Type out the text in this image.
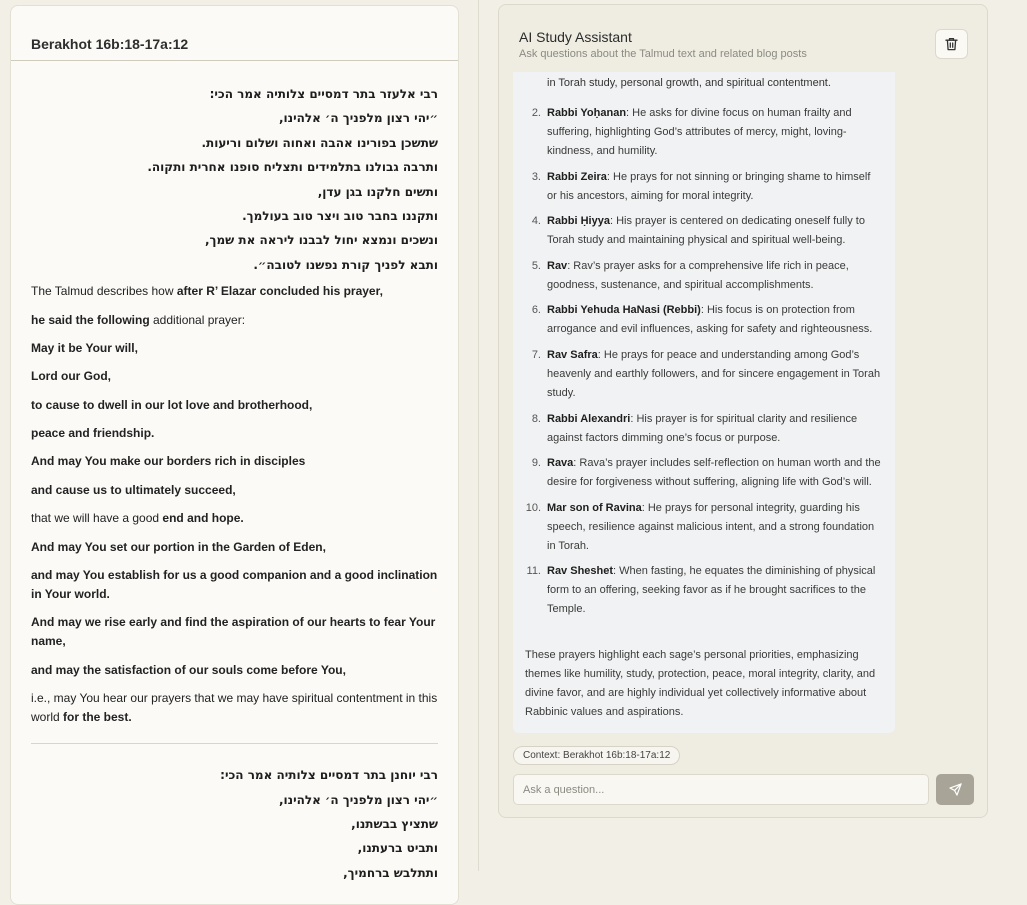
Berakhot 16b:18-17a:12
רבי אלעזר בתר דמסיים צלותיה אמר הכי:
״יהי רצון מלפניך ה׳ אלהינו,
שתשכן בפורינו אהבה ואחוה ושלום וריעות.
ותרבה גבולנו בתלמידים ותצליח סופנו אחרית ותקוה.
ותשים חלקנו בגן עדן,
ותקננו בחבר טוב ויצר טוב בעולמך.
ונשכים ונמצא יחול לבבנו ליראה את שמך,
ותבא לפניך קורת נפשנו לטובה״.
The Talmud describes how after R’ Elazar concluded his prayer,
he said the following additional prayer:
May it be Your will,
Lord our God,
to cause to dwell in our lot love and brotherhood,
peace and friendship.
And may You make our borders rich in disciples
and cause us to ultimately succeed,
that we will have a good end and hope.
And may You set our portion in the Garden of Eden,
and may You establish for us a good companion and a good inclination in Your world.
And may we rise early and find the aspiration of our hearts to fear Your name,
and may the satisfaction of our souls come before You,
i.e., may You hear our prayers that we may have spiritual contentment in this world for the best.
רבי יוחנן בתר דמסיים צלותיה אמר הכי:
״יהי רצון מלפניך ה׳ אלהינו,
שתציץ בבשתנו,
ותביט ברעתנו,
ותתלבש ברחמיך,
AI Study Assistant
Ask questions about the Talmud text and related blog posts
in Torah study, personal growth, and spiritual contentment.
2. Rabbi Yoḥanan: He asks for divine focus on human frailty and suffering, highlighting God’s attributes of mercy, might, loving-kindness, and humility.
3. Rabbi Zeira: He prays for not sinning or bringing shame to himself or his ancestors, aiming for moral integrity.
4. Rabbi Ḥiyya: His prayer is centered on dedicating oneself fully to Torah study and maintaining physical and spiritual well-being.
5. Rav: Rav’s prayer asks for a comprehensive life rich in peace, goodness, sustenance, and spiritual accomplishments.
6. Rabbi Yehuda HaNasi (Rebbi): His focus is on protection from arrogance and evil influences, asking for safety and righteousness.
7. Rav Safra: He prays for peace and understanding among God’s heavenly and earthly followers, and for sincere engagement in Torah study.
8. Rabbi Alexandri: His prayer is for spiritual clarity and resilience against factors dimming one’s focus or purpose.
9. Rava: Rava’s prayer includes self-reflection on human worth and the desire for forgiveness without suffering, aligning life with God’s will.
10. Mar son of Ravina: He prays for personal integrity, guarding his speech, resilience against malicious intent, and a strong foundation in Torah.
11. Rav Sheshet: When fasting, he equates the diminishing of physical form to an offering, seeking favor as if he brought sacrifices to the Temple.
These prayers highlight each sage’s personal priorities, emphasizing themes like humility, study, protection, peace, moral integrity, clarity, and divine favor, and are highly individual yet collectively informative about Rabbinic values and aspirations.
Context: Berakhot 16b:18-17a:12
Ask a question...
